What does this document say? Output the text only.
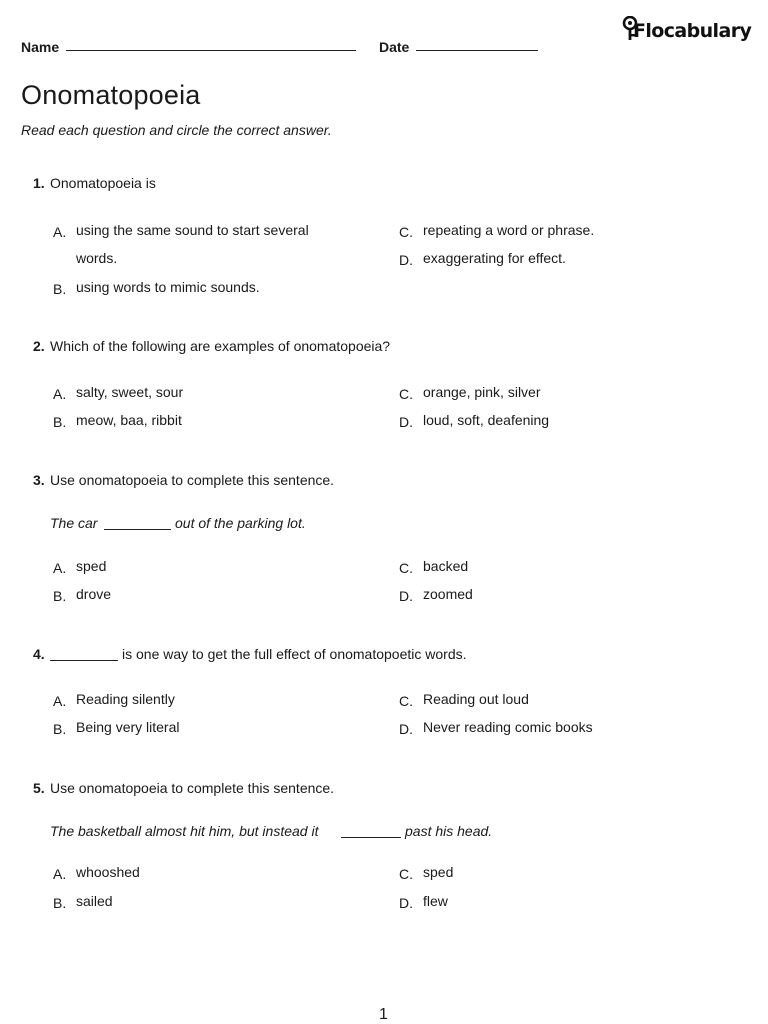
Name	Date
Flocabulary
Onomatopoeia
Read each question and circle the correct answer.
1. Onomatopoeia is
A. using the same sound to start several words.
B. using words to mimic sounds.
C. repeating a word or phrase.
D. exaggerating for effect.
2. Which of the following are examples of onomatopoeia?
A. salty, sweet, sour
B. meow, baa, ribbit
C. orange, pink, silver
D. loud, soft, deafening
3. Use onomatopoeia to complete this sentence.
The car	out of the parking lot.
A. sped
B. drove
C. backed
D. zoomed
4.	is one way to get the full effect of onomatopoetic words.
A. Reading silently
B. Being very literal
C. Reading out loud
D. Never reading comic books
5. Use onomatopoeia to complete this sentence.
The basketball almost hit him, but instead it	past his head.
A. whooshed
B. sailed
C. sped
D. flew
1
